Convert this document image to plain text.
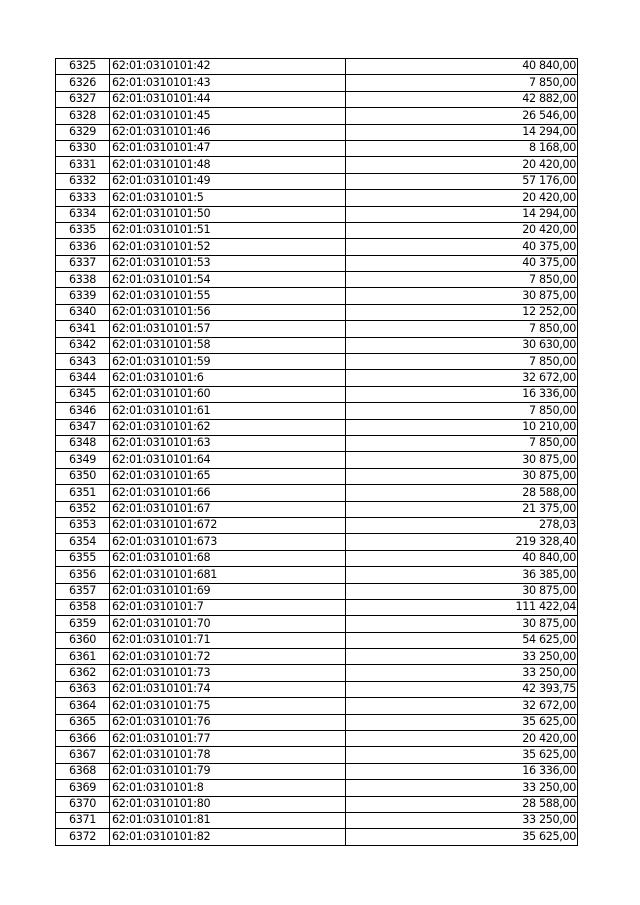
6325	62:01:0310101:42	40 840,00
6326	62:01:0310101:43	7 850,00
6327	62:01:0310101:44	42 882,00
6328	62:01:0310101:45	26 546,00
6329	62:01:0310101:46	14 294,00
6330	62:01:0310101:47	8 168,00
6331	62:01:0310101:48	20 420,00
6332	62:01:0310101:49	57 176,00
6333	62:01:0310101:5	20 420,00
6334	62:01:0310101:50	14 294,00
6335	62:01:0310101:51	20 420,00
6336	62:01:0310101:52	40 375,00
6337	62:01:0310101:53	40 375,00
6338	62:01:0310101:54	7 850,00
6339	62:01:0310101:55	30 875,00
6340	62:01:0310101:56	12 252,00
6341	62:01:0310101:57	7 850,00
6342	62:01:0310101:58	30 630,00
6343	62:01:0310101:59	7 850,00
6344	62:01:0310101:6	32 672,00
6345	62:01:0310101:60	16 336,00
6346	62:01:0310101:61	7 850,00
6347	62:01:0310101:62	10 210,00
6348	62:01:0310101:63	7 850,00
6349	62:01:0310101:64	30 875,00
6350	62:01:0310101:65	30 875,00
6351	62:01:0310101:66	28 588,00
6352	62:01:0310101:67	21 375,00
6353	62:01:0310101:672	278,03
6354	62:01:0310101:673	219 328,40
6355	62:01:0310101:68	40 840,00
6356	62:01:0310101:681	36 385,00
6357	62:01:0310101:69	30 875,00
6358	62:01:0310101:7	111 422,04
6359	62:01:0310101:70	30 875,00
6360	62:01:0310101:71	54 625,00
6361	62:01:0310101:72	33 250,00
6362	62:01:0310101:73	33 250,00
6363	62:01:0310101:74	42 393,75
6364	62:01:0310101:75	32 672,00
6365	62:01:0310101:76	35 625,00
6366	62:01:0310101:77	20 420,00
6367	62:01:0310101:78	35 625,00
6368	62:01:0310101:79	16 336,00
6369	62:01:0310101:8	33 250,00
6370	62:01:0310101:80	28 588,00
6371	62:01:0310101:81	33 250,00
6372	62:01:0310101:82	35 625,00
